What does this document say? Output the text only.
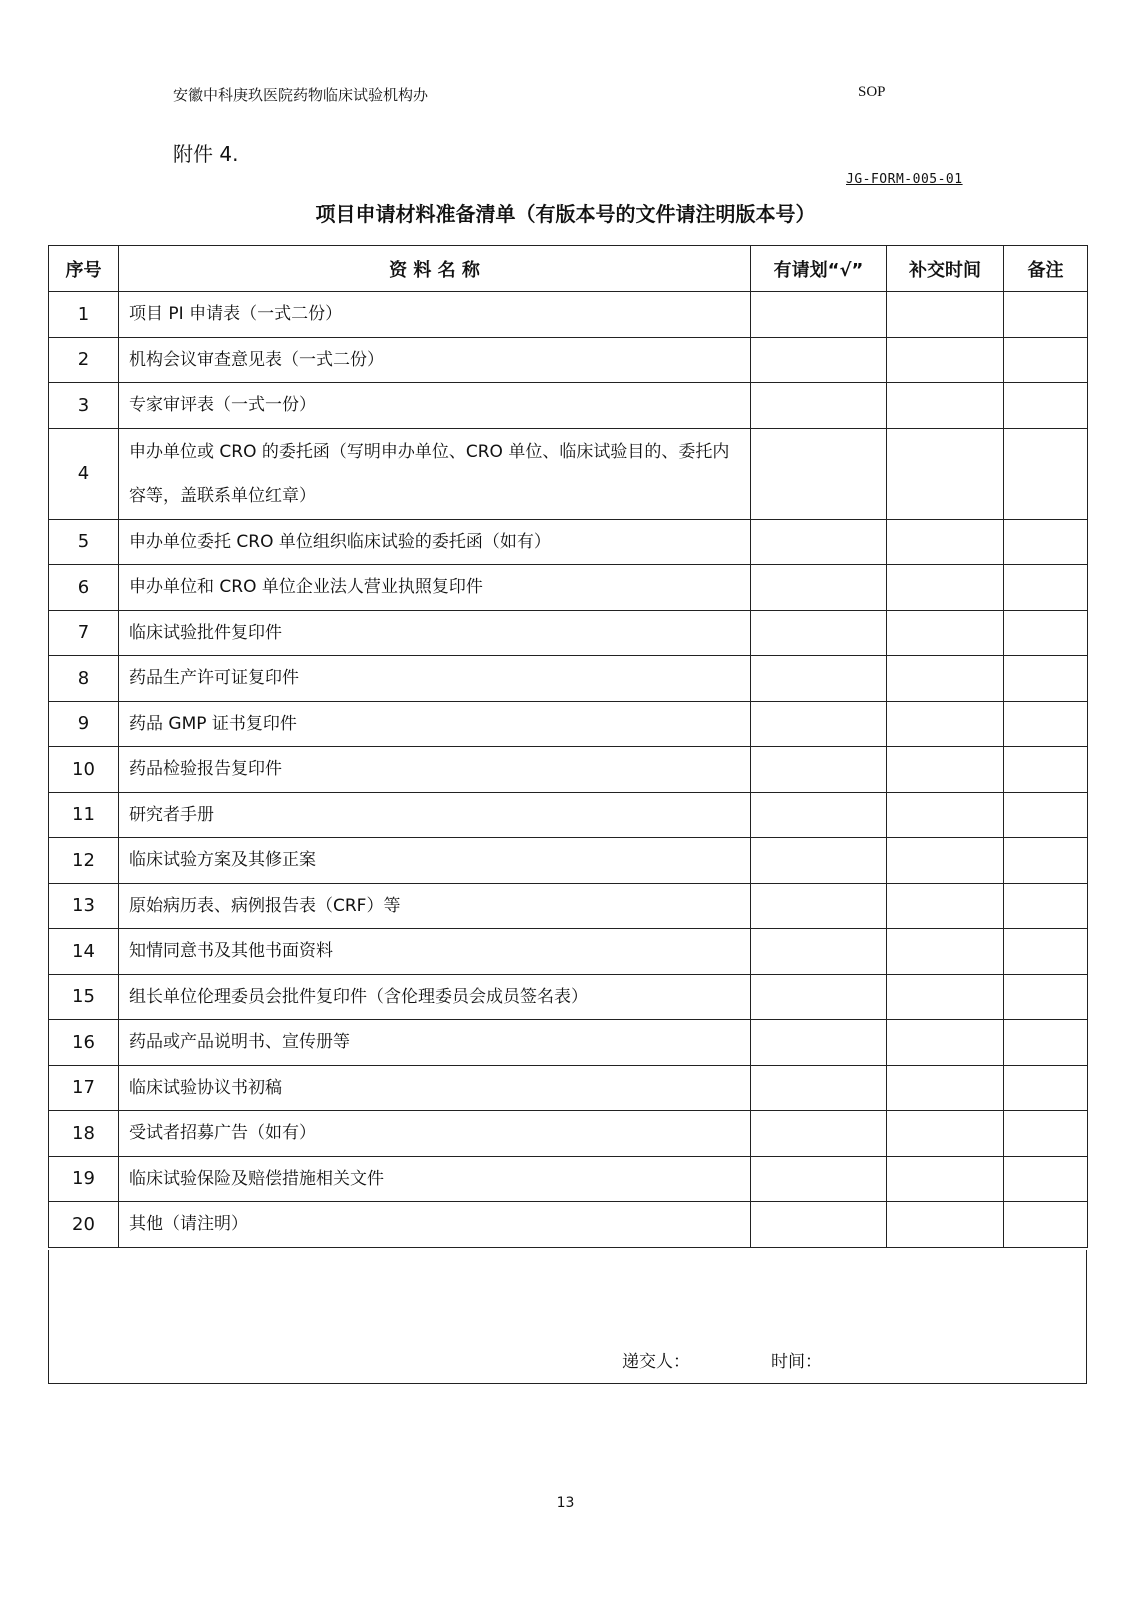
安徽中科庚玖医院药物临床试验机构办	SOP
附件 4.
JG-FORM-005-01
项目申请材料准备清单（有版本号的文件请注明版本号）
序号	资 料 名 称	有请划“√”	补交时间	备注
1	项目 PI 申请表（一式二份）			
2	机构会议审查意见表（一式二份）			
3	专家审评表（一式一份）			
4	申办单位或 CRO 的委托函（写明申办单位、CRO 单位、临床试验目的、委托内容等，盖联系单位红章）			
5	申办单位委托 CRO 单位组织临床试验的委托函（如有）			
6	申办单位和 CRO 单位企业法人营业执照复印件			
7	临床试验批件复印件			
8	药品生产许可证复印件			
9	药品 GMP 证书复印件			
10	药品检验报告复印件			
11	研究者手册			
12	临床试验方案及其修正案			
13	原始病历表、病例报告表（CRF）等			
14	知情同意书及其他书面资料			
15	组长单位伦理委员会批件复印件（含伦理委员会成员签名表）			
16	药品或产品说明书、宣传册等			
17	临床试验协议书初稿			
18	受试者招募广告（如有）			
19	临床试验保险及赔偿措施相关文件			
20	其他（请注明）			
递交人：	时间：
13
